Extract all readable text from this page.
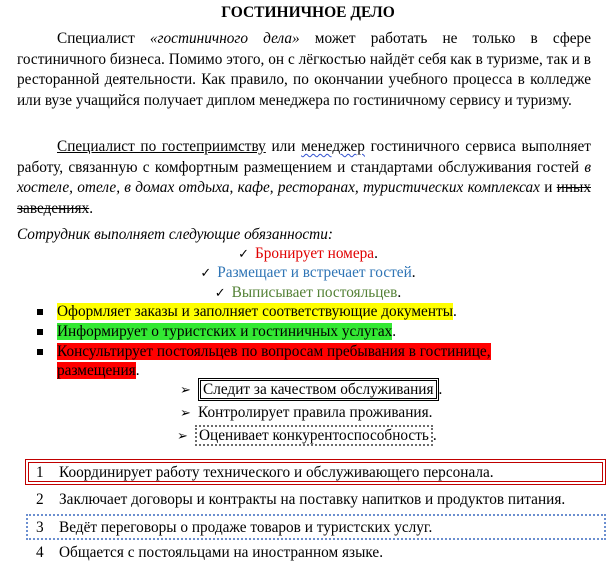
ГОСТИНИЧНОЕ ДЕЛО

Специалист «гостиничного дела» может работать не только в сфере гостиничного бизнеса. Помимо этого, он с лёгкостью найдёт себя как в туризме, так и в ресторанной деятельности. Как правило, по окончании учебного процесса в колледже или вузе учащийся получает диплом менеджера по гостиничному сервису и туризму.

Специалист по гостеприимству или менеджер гостиничного сервиса выполняет работу, связанную с комфортным размещением и стандартами обслуживания гостей в хостеле, отеле, в домах отдыха, кафе, ресторанах, туристических комплексах и иных заведениях.

Сотрудник выполняет следующие обязанности:
✓ Бронирует номера.
✓ Размещает и встречает гостей.
✓ Выписывает постояльцев.
Оформляет заказы и заполняет соответствующие документы.
Информирует о туристских и гостиничных услугах.
Консультирует постояльцев по вопросам пребывания в гостинице,
размещения.
➢ Следит за качеством обслуживания .
➢ Контролирует правила проживания.
➢ Оценивает конкурентоспособность .
1 Координирует работу технического и обслуживающего персонала.
2 Заключает договоры и контракты на поставку напитков и продуктов питания.
3 Ведёт переговоры о продаже товаров и туристских услуг.
4 Общается с постояльцами на иностранном языке.
